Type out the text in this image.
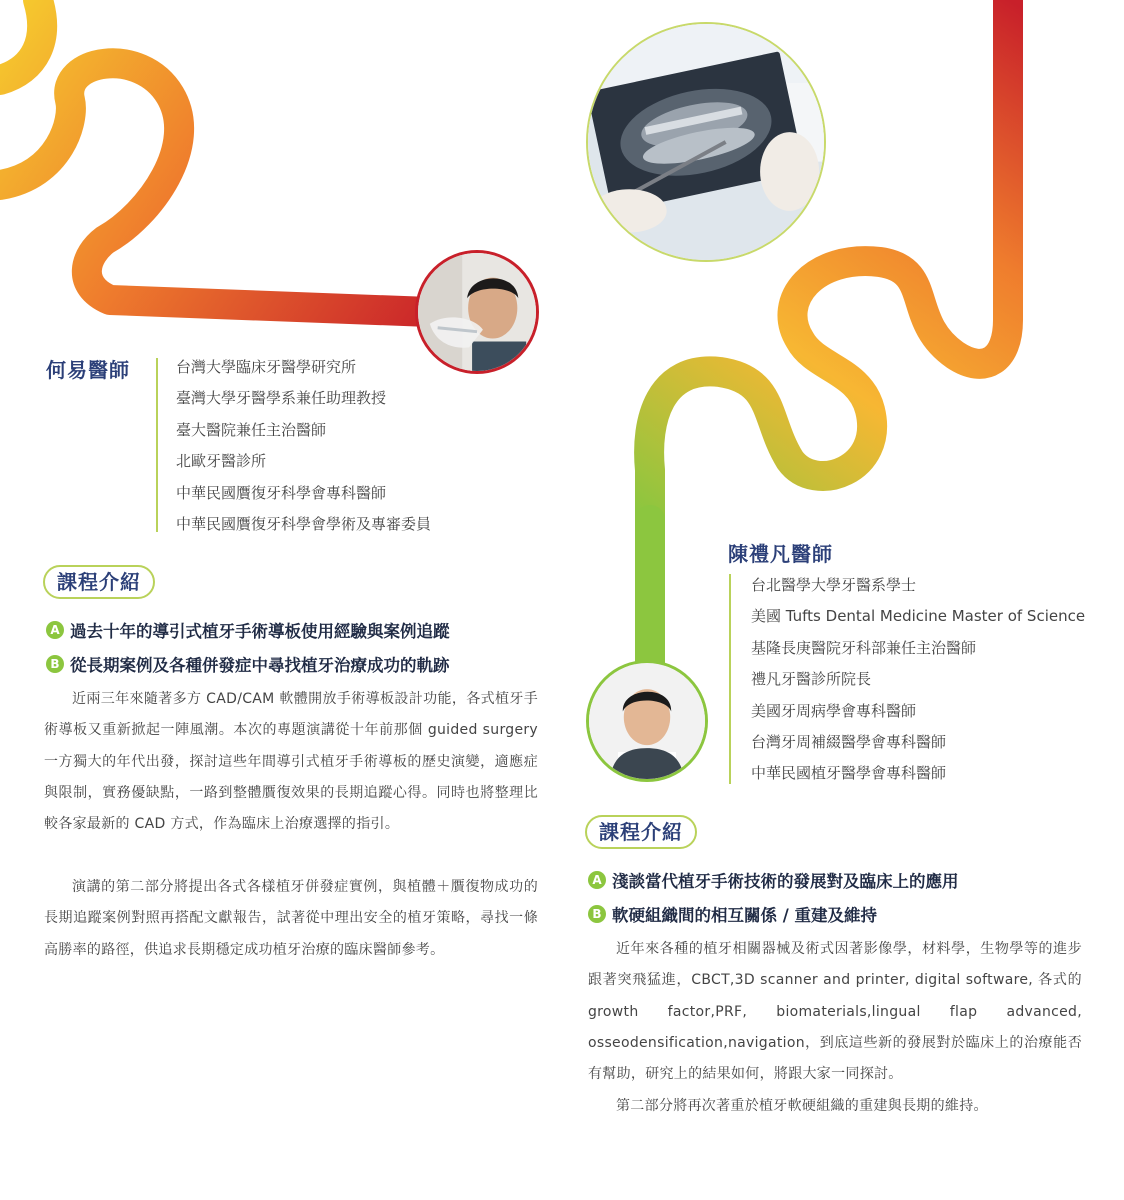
何易醫師	台灣大學臨床牙醫學研究所
臺灣大學牙醫學系兼任助理教授
臺大醫院兼任主治醫師
北歐牙醫診所
中華民國贋復牙科學會專科醫師
中華民國贋復牙科學會學術及專審委員
課程介紹
A 過去十年的導引式植牙手術導板使用經驗與案例追蹤
B 從長期案例及各種併發症中尋找植牙治療成功的軌跡

近兩三年來隨著多方 CAD/CAM 軟體開放手術導板設計功能，各式植牙手術導板又重新掀起一陣風潮。本次的專題演講從十年前那個 guided surgery 一方獨大的年代出發，探討這些年間導引式植牙手術導板的歷史演變，適應症與限制，實務優缺點，一路到整體贋復效果的長期追蹤心得。同時也將整理比較各家最新的 CAD 方式，作為臨床上治療選擇的指引。

演講的第二部分將提出各式各樣植牙併發症實例，與植體＋贋復物成功的長期追蹤案例對照再搭配文獻報告，試著從中理出安全的植牙策略，尋找一條高勝率的路徑，供追求長期穩定成功植牙治療的臨床醫師參考。

陳禮凡醫師
台北醫學大學牙醫系學士
美國 Tufts Dental Medicine Master of Science
基隆長庚醫院牙科部兼任主治醫師
禮凡牙醫診所院長
美國牙周病學會專科醫師
台灣牙周補綴醫學會專科醫師
中華民國植牙醫學會專科醫師
課程介紹
A 淺談當代植牙手術技術的發展對及臨床上的應用
B 軟硬組織間的相互關係 / 重建及維持

近年來各種的植牙相關器械及術式因著影像學，材料學，生物學等的進步跟著突飛猛進，CBCT,3D scanner and printer, digital software, 各式的 growth factor,PRF, biomaterials,lingual flap advanced, osseodensification,navigation，到底這些新的發展對於臨床上的治療能否有幫助，研究上的結果如何，將跟大家一同探討。

第二部分將再次著重於植牙軟硬組織的重建與長期的維持。
